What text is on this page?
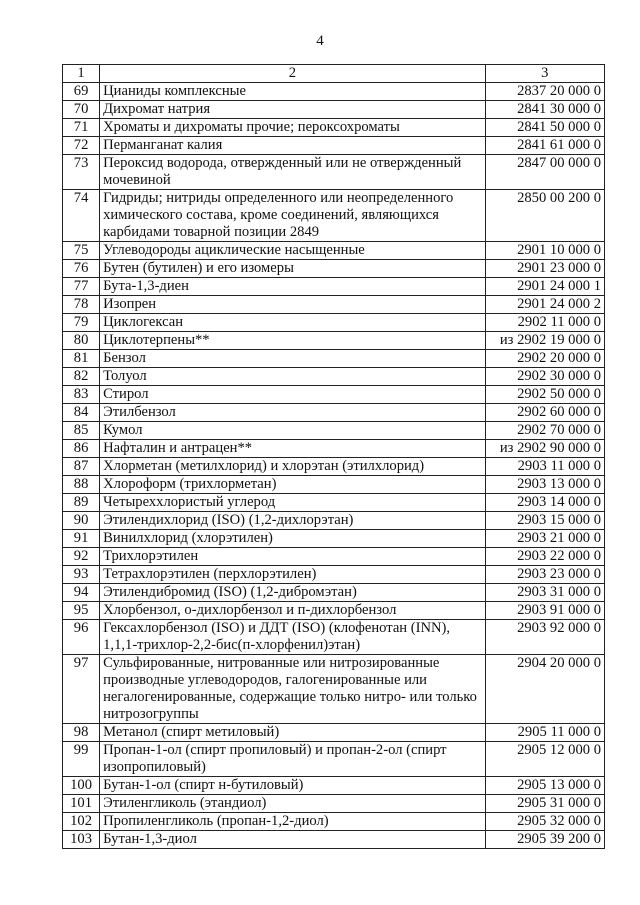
4
1	2	3
69	Цианиды комплексные	2837 20 000 0
70	Дихромат натрия	2841 30 000 0
71	Хроматы и дихроматы прочие; пероксохроматы	2841 50 000 0
72	Перманганат калия	2841 61 000 0
73	Пероксид водорода, отвержденный или не отвержденный мочевиной	2847 00 000 0
74	Гидриды; нитриды определенного или неопределенного химического состава, кроме соединений, являющихся карбидами товарной позиции 2849	2850 00 200 0
75	Углеводороды ациклические насыщенные	2901 10 000 0
76	Бутен (бутилен) и его изомеры	2901 23 000 0
77	Бута-1,3-диен	2901 24 000 1
78	Изопрен	2901 24 000 2
79	Циклогексан	2902 11 000 0
80	Циклотерпены**	из 2902 19 000 0
81	Бензол	2902 20 000 0
82	Толуол	2902 30 000 0
83	Стирол	2902 50 000 0
84	Этилбензол	2902 60 000 0
85	Кумол	2902 70 000 0
86	Нафталин и антрацен**	из 2902 90 000 0
87	Хлорметан (метилхлорид) и хлорэтан (этилхлорид)	2903 11 000 0
88	Хлороформ (трихлорметан)	2903 13 000 0
89	Четыреххлористый углерод	2903 14 000 0
90	Этилендихлорид (ISO) (1,2-дихлорэтан)	2903 15 000 0
91	Винилхлорид (хлорэтилен)	2903 21 000 0
92	Трихлорэтилен	2903 22 000 0
93	Тетрахлорэтилен (перхлорэтилен)	2903 23 000 0
94	Этилендибромид (ISO) (1,2-дибромэтан)	2903 31 000 0
95	Хлорбензол, о-дихлорбензол и п-дихлорбензол	2903 91 000 0
96	Гексахлорбензол (ISO) и ДДТ (ISO) (клофенотан (INN), 1,1,1-трихлор-2,2-бис(п-хлорфенил)этан)	2903 92 000 0
97	Сульфированные, нитрованные или нитрозированные производные углеводородов, галогенированные или негалогенированные, содержащие только нитро- или только нитрозогруппы	2904 20 000 0
98	Метанол (спирт метиловый)	2905 11 000 0
99	Пропан-1-ол (спирт пропиловый) и пропан-2-ол (спирт изопропиловый)	2905 12 000 0
100	Бутан-1-ол (спирт н-бутиловый)	2905 13 000 0
101	Этиленгликоль (этандиол)	2905 31 000 0
102	Пропиленгликоль (пропан-1,2-диол)	2905 32 000 0
103	Бутан-1,3-диол	2905 39 200 0
